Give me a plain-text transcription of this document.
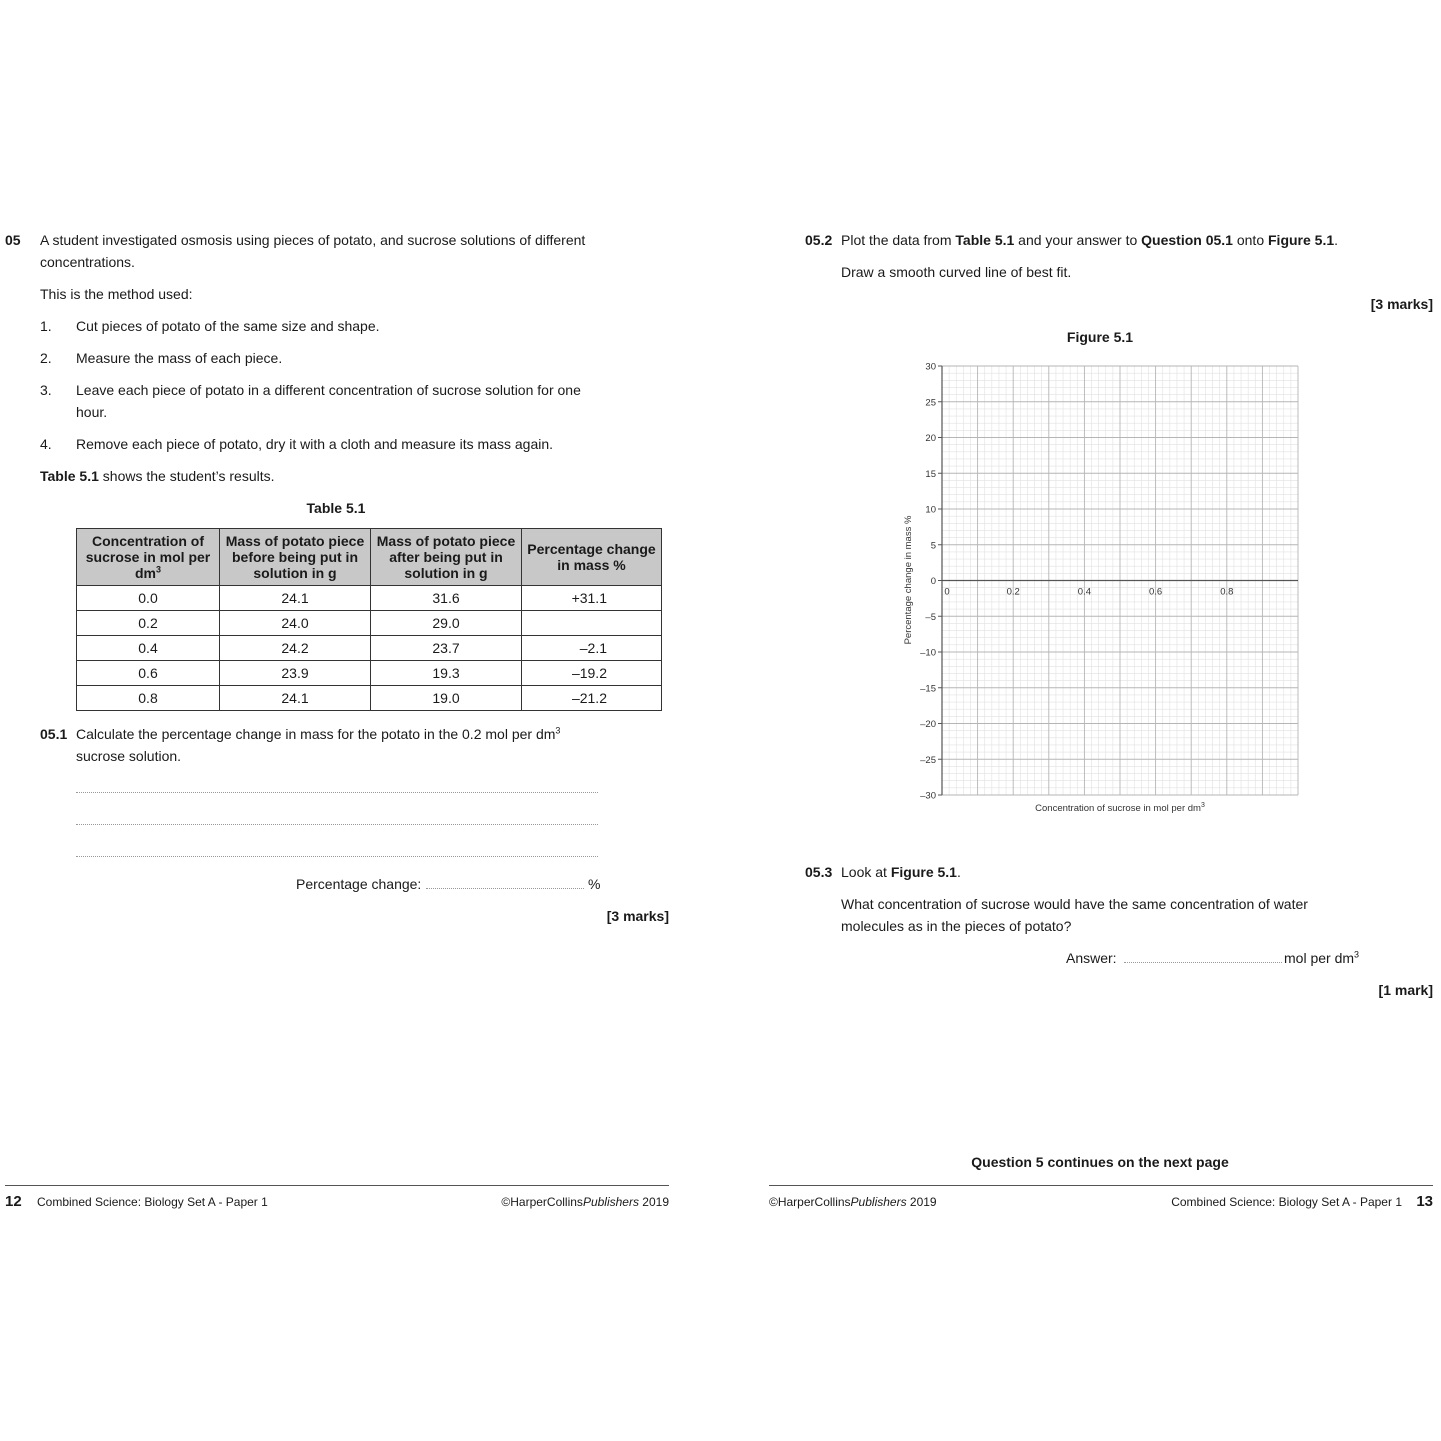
05 A student investigated osmosis using pieces of potato, and sucrose solutions of different concentrations.
This is the method used:
1. Cut pieces of potato of the same size and shape.
2. Measure the mass of each piece.
3. Leave each piece of potato in a different concentration of sucrose solution for one hour.
4. Remove each piece of potato, dry it with a cloth and measure its mass again.
Table 5.1 shows the student’s results.
Table 5.1
Concentration of sucrose in mol per $dm^3$	Mass of potato piece before being put in solution in g	Mass of potato piece after being put in solution in g	Percentage change in mass %
0.0	24.1	31.6	+31.1
0.2	24.0	29.0	
0.4	24.2	23.7	–2.1
0.6	23.9	19.3	–19.2
0.8	24.1	19.0	–21.2
05.1 Calculate the percentage change in mass for the potato in the 0.2 mol per $dm^3$
sucrose solution.
Percentage change:	%
[3 marks]
12 Combined Science: Biology Set A - Paper 1	©HarperCollinsPublishers 2019
05.2 Plot the data from Table 5.1 and your answer to Question 05.1 onto Figure 5.1.
Draw a smooth curved line of best fit.
[3 marks]
Figure 5.1
30
25
20
15
10
5
0
–5
–10
–15
–20
–25
–30
0	0.2	0.4	0.6	0.8
Concentration of sucrose in mol per $dm^3$
Percentage change in mass %
05.3 Look at Figure 5.1.
What concentration of sucrose would have the same concentration of water molecules as in the pieces of potato?
Answer:	mol per $dm^3$
[1 mark]
Question 5 continues on the next page
©HarperCollinsPublishers 2019	Combined Science: Biology Set A - Paper 1 13
